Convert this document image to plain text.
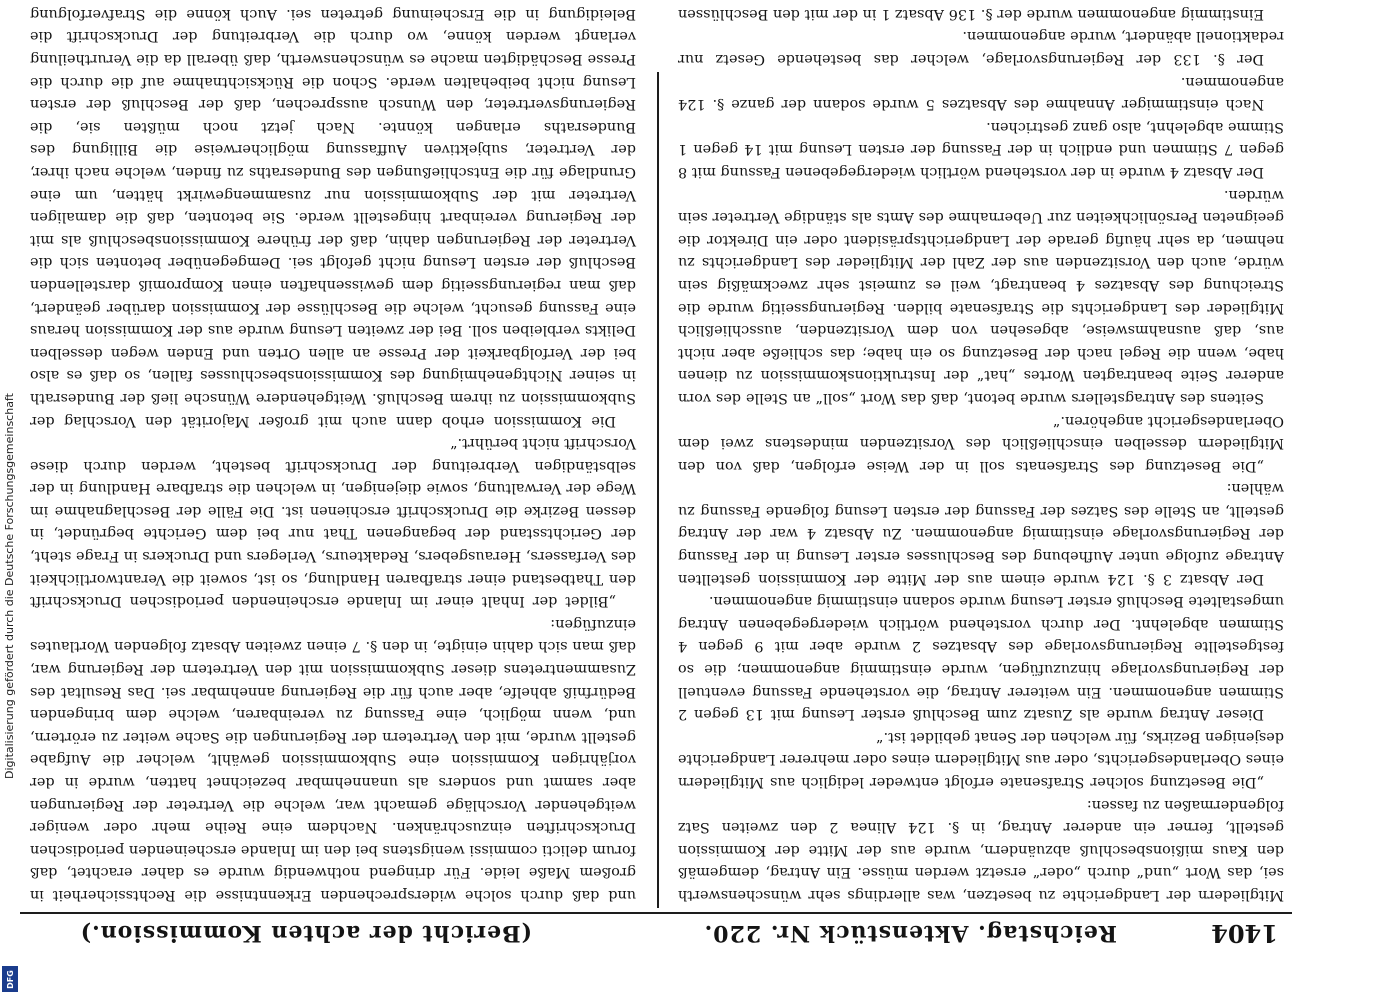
Digitalisierung gefördert durch die Deutsche Forschungsgemeinschaft
DFG
1404
Reichstag. Aktenstück Nr. 220.
(Bericht der achten Kommission.)

Mitgliedern der Landgerichte zu besetzen, was allerdings sehr wünschenswerth sei, das Wort „und“ durch „oder“ ersetzt werden müsse. Ein Antrag, demgemäß den Kaus mißionsbeschluß abzuändern, wurde aus der Mitte der Kommission gestellt, ferner ein anderer Antrag, in §. 124 Alinea 2 den zweiten Satz folgendermaßen zu fassen:

„Die Besetzung solcher Strafsenate erfolgt entweder lediglich aus Mitgliedern eines Oberlandesgerichts, oder aus Mitgliedern eines oder mehrerer Landgerichte desjenigen Bezirks, für welchen der Senat gebildet ist.“

Dieser Antrag wurde als Zusatz zum Beschluß erster Lesung mit 13 gegen 2 Stimmen angenommen. Ein weiterer Antrag, die vorstehende Fassung eventuell der Regierungsvorlage hinzuzufügen, wurde einstimmig angenommen; die so festgestellte Regierungsvorlage des Absatzes 2 wurde aber mit 9 gegen 4 Stimmen abgelehnt. Der durch vorstehend wörtlich wiedergegebenen Antrag umgestaltete Beschluß erster Lesung wurde sodann einstimmig angenommen.

Der Absatz 3 §. 124 wurde einem aus der Mitte der Kommission gestellten Antrage zufolge unter Aufhebung des Beschlusses erster Lesung in der Fassung der Regierungsvorlage einstimmig angenommen. Zu Absatz 4 war der Antrag gestellt, an Stelle des Satzes der Fassung der ersten Lesung folgende Fassung zu wählen:

„Die Besetzung des Strafsenats soll in der Weise erfolgen, daß von den Mitgliedern desselben einschließlich des Vorsitzenden mindestens zwei dem Oberlandesgericht angehören.“

Seitens des Antragstellers wurde betont, daß das Wort „soll“ an Stelle des vorn anderer Seite beantragten Wortes „hat“ der Instruktionskommission zu dienen habe, wenn die Regel nach der Besetzung so ein habe; das schließe aber nicht aus, daß ausnahmsweise, abgesehen von dem Vorsitzenden, ausschließlich Mitglieder des Landgerichts die Strafsenate bilden. Regierungsseitig wurde die Streichung des Absatzes 4 beantragt, weil es zumeist sehr zweckmäßig sein würde, auch den Vorsitzenden aus der Zahl der Mitglieder des Landgerichts zu nehmen, da sehr häufig gerade der Landgerichtspräsident oder ein Direktor die geeigneten Persönlichkeiten zur Uebernahme des Amts als ständige Vertreter sein würden.

Der Absatz 4 wurde in der vorstehend wörtlich wiedergegebenen Fassung mit 8 gegen 7 Stimmen und endlich in der Fassung der ersten Lesung mit 14 gegen 1 Stimme abgelehnt, also ganz gestrichen.

Nach einstimmiger Annahme des Absatzes 5 wurde sodann der ganze §. 124 angenommen.

Der §. 133 der Regierungsvorlage, welcher das bestehende Gesetz nur redaktionell abändert, wurde angenommen.

Einstimmig angenommen wurde der §. 136 Absatz 1 in der mit den Beschlüssen

und daß durch solche widersprechenden Erkenntnisse die Rechtssicherheit in großem Maße leide. Für dringend nothwendig wurde es daher erachtet, daß forum delicti commissi wenigstens bei den im Inlande erscheinenden periodischen Druckschriften einzuschränken. Nachdem eine Reihe mehr oder weniger weitgehender Vorschläge gemacht war, welche die Vertreter der Regierungen aber sammt und sonders als unannehmbar bezeichnet hatten, wurde in der vorjährigen Kommission eine Subkommission gewählt, welcher die Aufgabe gestellt wurde, mit den Vertretern der Regierungen die Sache weiter zu erörtern, und, wenn möglich, eine Fassung zu vereinbaren, welche dem bringenden Bedürfniß abhelfe, aber auch für die Regierung annehmbar sei. Das Resultat des Zusammentretens dieser Subkommission mit den Vertretern der Regierung war, daß man sich dahin einigte, in den §. 7 einen zweiten Absatz folgenden Wortlautes einzufügen:

„Bildet der Inhalt einer im Inlande erscheinenden periodischen Druckschrift den Thatbestand einer strafbaren Handlung, so ist, soweit die Verantwortlichkeit des Verfassers, Herausgebers, Redakteurs, Verlegers und Druckers in Frage steht, der Gerichtsstand der begangenen That nur bei dem Gerichte begründet, in dessen Bezirke die Druckschrift erschienen ist. Die Fälle der Beschlagnahme im Wege der Verwaltung, sowie diejenigen, in welchen die strafbare Handlung in der selbständigen Verbreitung der Druckschrift besteht, werden durch diese Vorschrift nicht berührt.“

Die Kommission erhob dann auch mit großer Majorität den Vorschlag der Subkommission zu ihrem Beschluß. Weitgehendere Wünsche ließ der Bundesrath in seiner Nichtgenehmigung des Kommissionsbeschlusses fallen, so daß es also bei der Verfolgbarkeit der Presse an allen Orten und Enden wegen desselben Delikts verbleiben soll. Bei der zweiten Lesung wurde aus der Kommission heraus eine Fassung gesucht, welche die Beschlüsse der Kommission darüber geändert, daß man regierungsseitig dem gewissenhaften einen Kompromiß darstellenden Beschluß der ersten Lesung nicht gefolgt sei. Demgegenüber betonten sich die Vertreter der Regierungen dahin, daß der frühere Kommissionsbeschluß als mit der Regierung vereinbart hingestellt werde. Sie betonten, daß die damaligen Vertreter mit der Subkommission nur zusammengewirkt hätten, um eine Grundlage für die Entschließungen des Bundesraths zu finden, welche nach ihrer, der Vertreter, subjektiven Auffassung möglicherweise die Billigung des Bundesraths erlangen könnte. Nach jetzt noch müßten sie, die Regierungsvertreter, den Wunsch aussprechen, daß der Beschluß der ersten Lesung nicht beibehalten werde. Schon die Rücksichtnahme auf die durch die Presse Beschädigten mache es wünschenswerth, daß überall da die Verurtheilung verlangt werden könne, wo durch die Verbreitung der Druckschrift die Beleidigung in die Erscheinung getreten sei. Auch könne die Strafverfolgung
